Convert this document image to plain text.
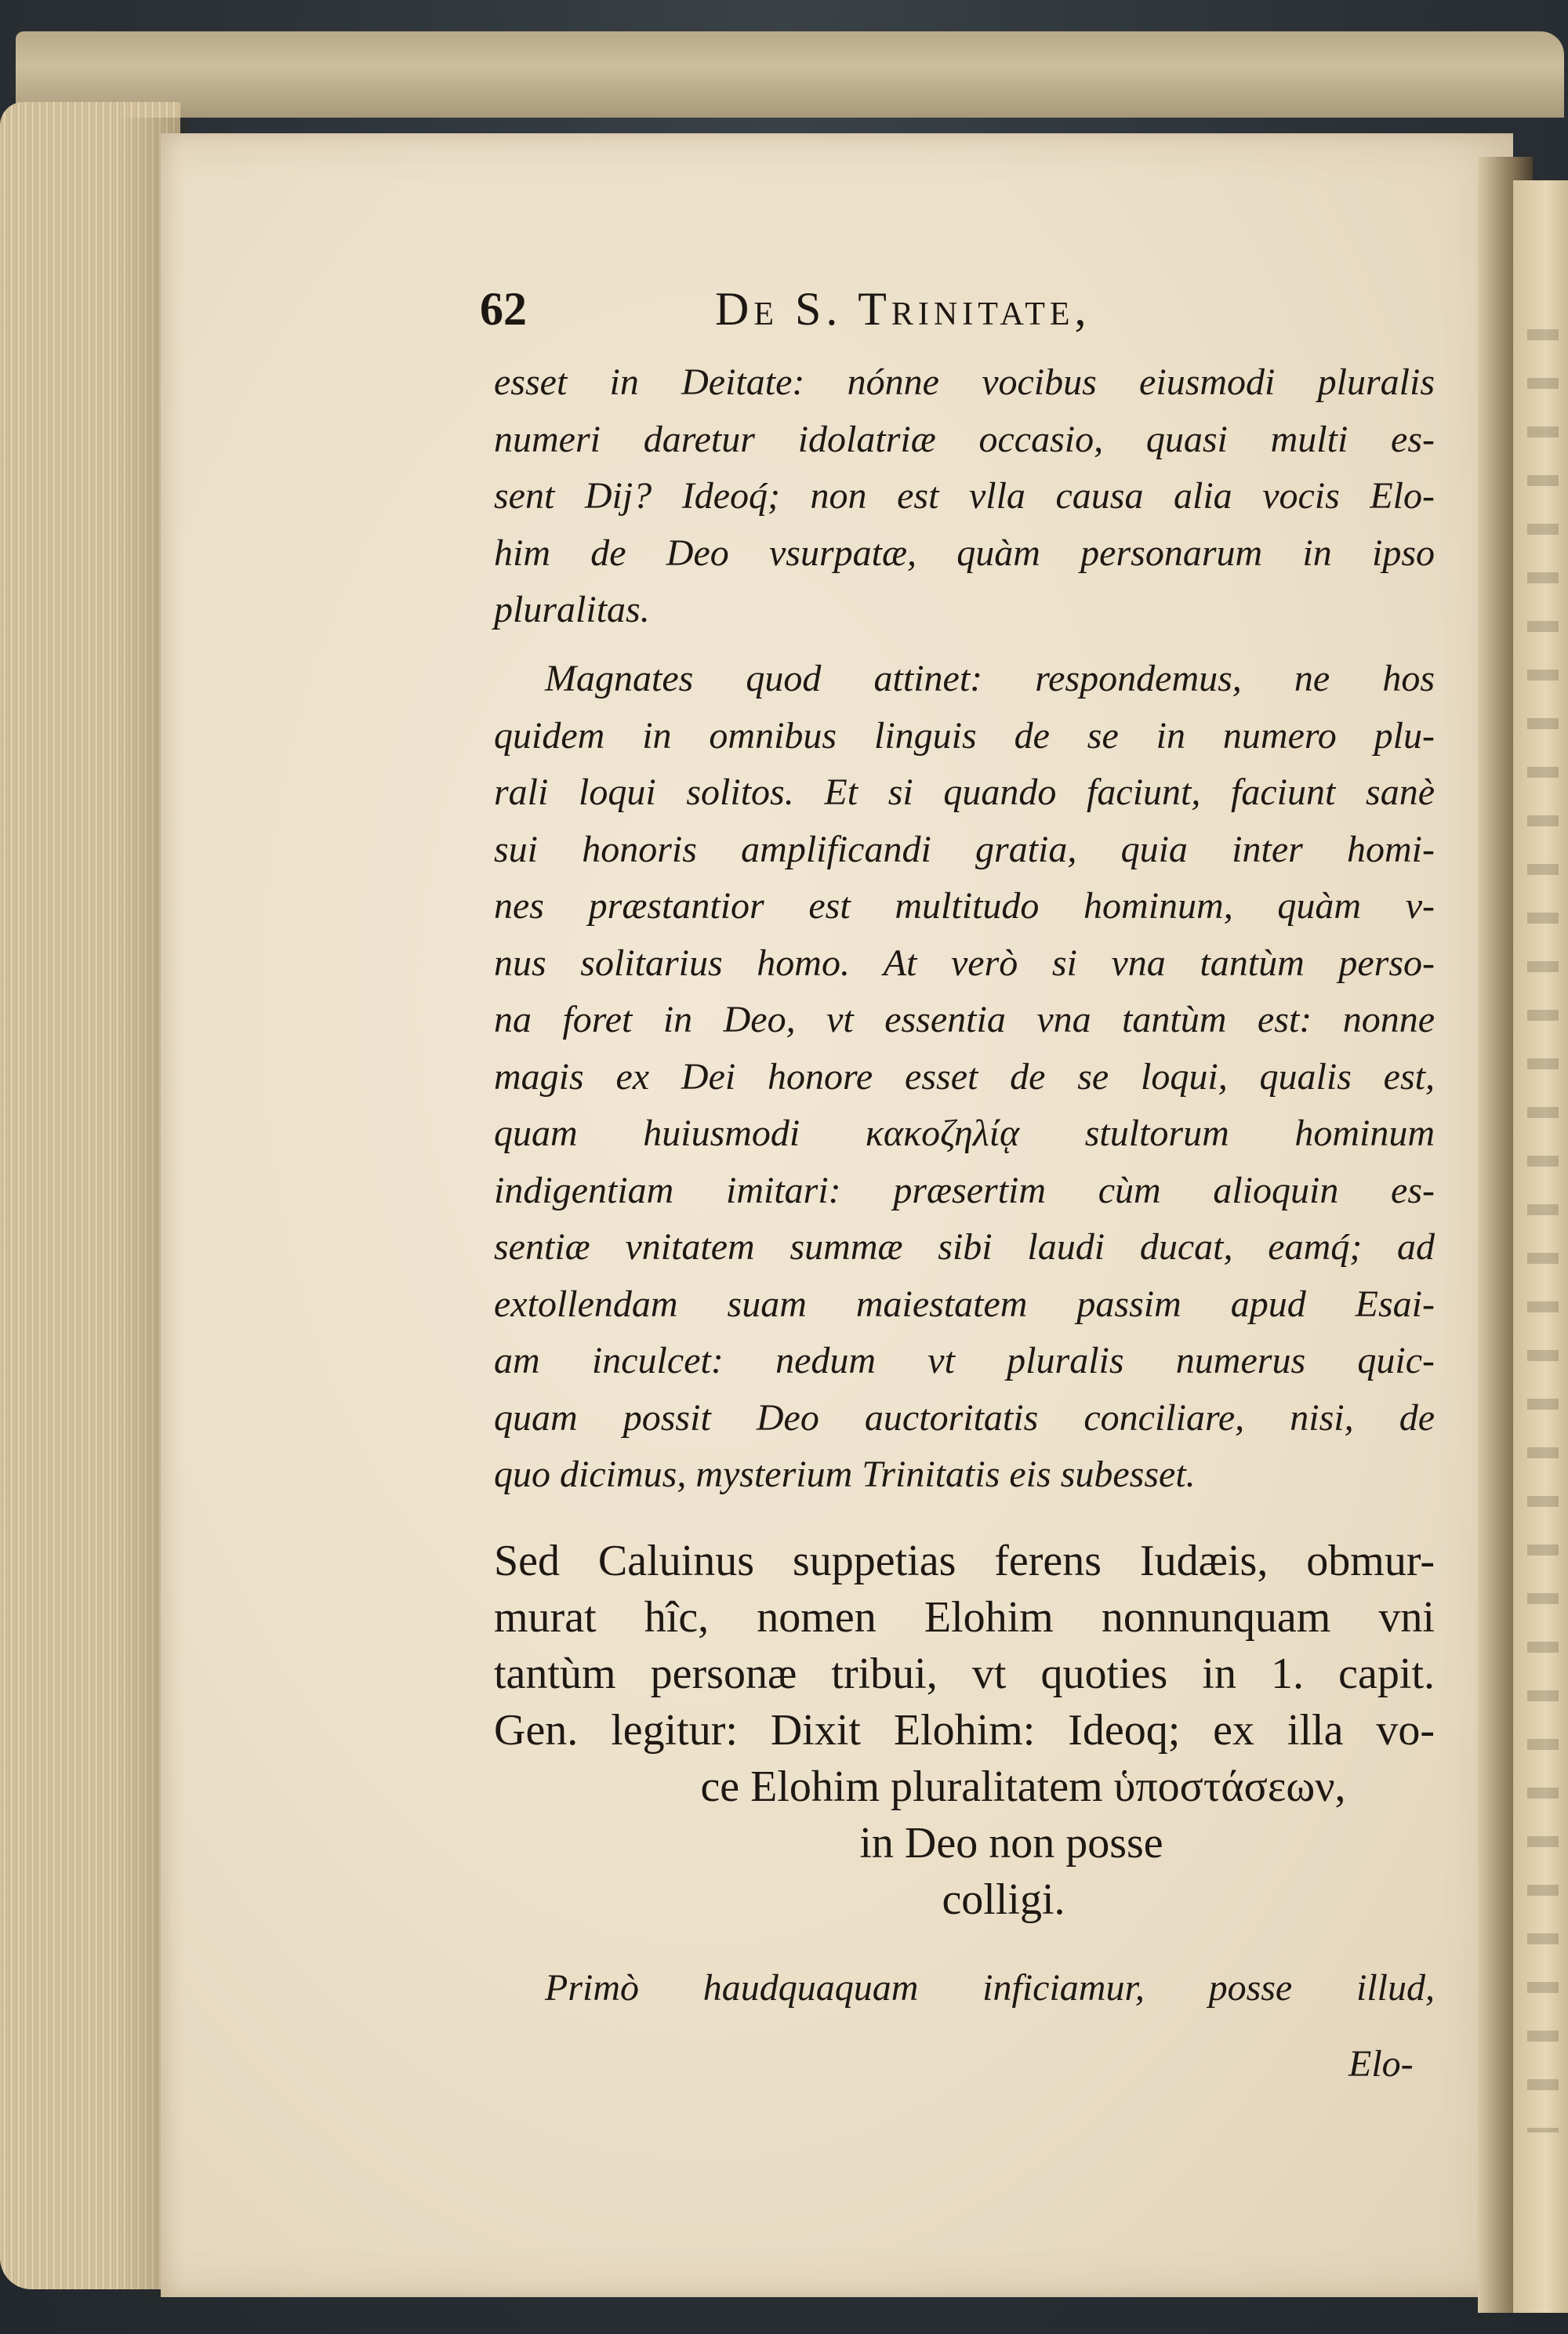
62	De S. Trinitate,
esset in Deitate: nónne vocibus eiusmodi pluralis
numeri daretur idolatriæ occasio, quasi multi es-
sent Dij? Ideoq́; non est vlla causa alia vocis Elo-
him de Deo vsurpatæ, quàm personarum in ipso
pluralitas.
Magnates quod attinet: respondemus, ne hos
quidem in omnibus linguis de se in numero plu-
rali loqui solitos. Et si quando faciunt, faciunt sanè
sui honoris amplificandi gratia, quia inter homi-
nes præstantior est multitudo hominum, quàm v-
nus solitarius homo. At verò si vna tantùm perso-
na foret in Deo, vt essentia vna tantùm est: nonne
magis ex Dei honore esset de se loqui, qualis est,
quam huiusmodi κακοζηλίᾳ stultorum hominum
indigentiam imitari: præsertim cùm alioquin es-
sentiæ vnitatem summæ sibi laudi ducat, eamq́; ad
extollendam suam maiestatem passim apud Esai-
am inculcet: nedum vt pluralis numerus quic-
quam possit Deo auctoritatis conciliare, nisi, de
quo dicimus, mysterium Trinitatis eis subesset.
Sed Caluinus suppetias ferens Iudæis, obmur-
murat hîc, nomen Elohim nonnunquam vni
tantùm personæ tribui, vt quoties in 1. capit.
Gen. legitur: Dixit Elohim: Ideoq; ex illa vo-
ce Elohim pluralitatem ὑποστάσεων,
in Deo non posse
colligi.
Primò haudquaquam inficiamur, posse illud,
Elo-
